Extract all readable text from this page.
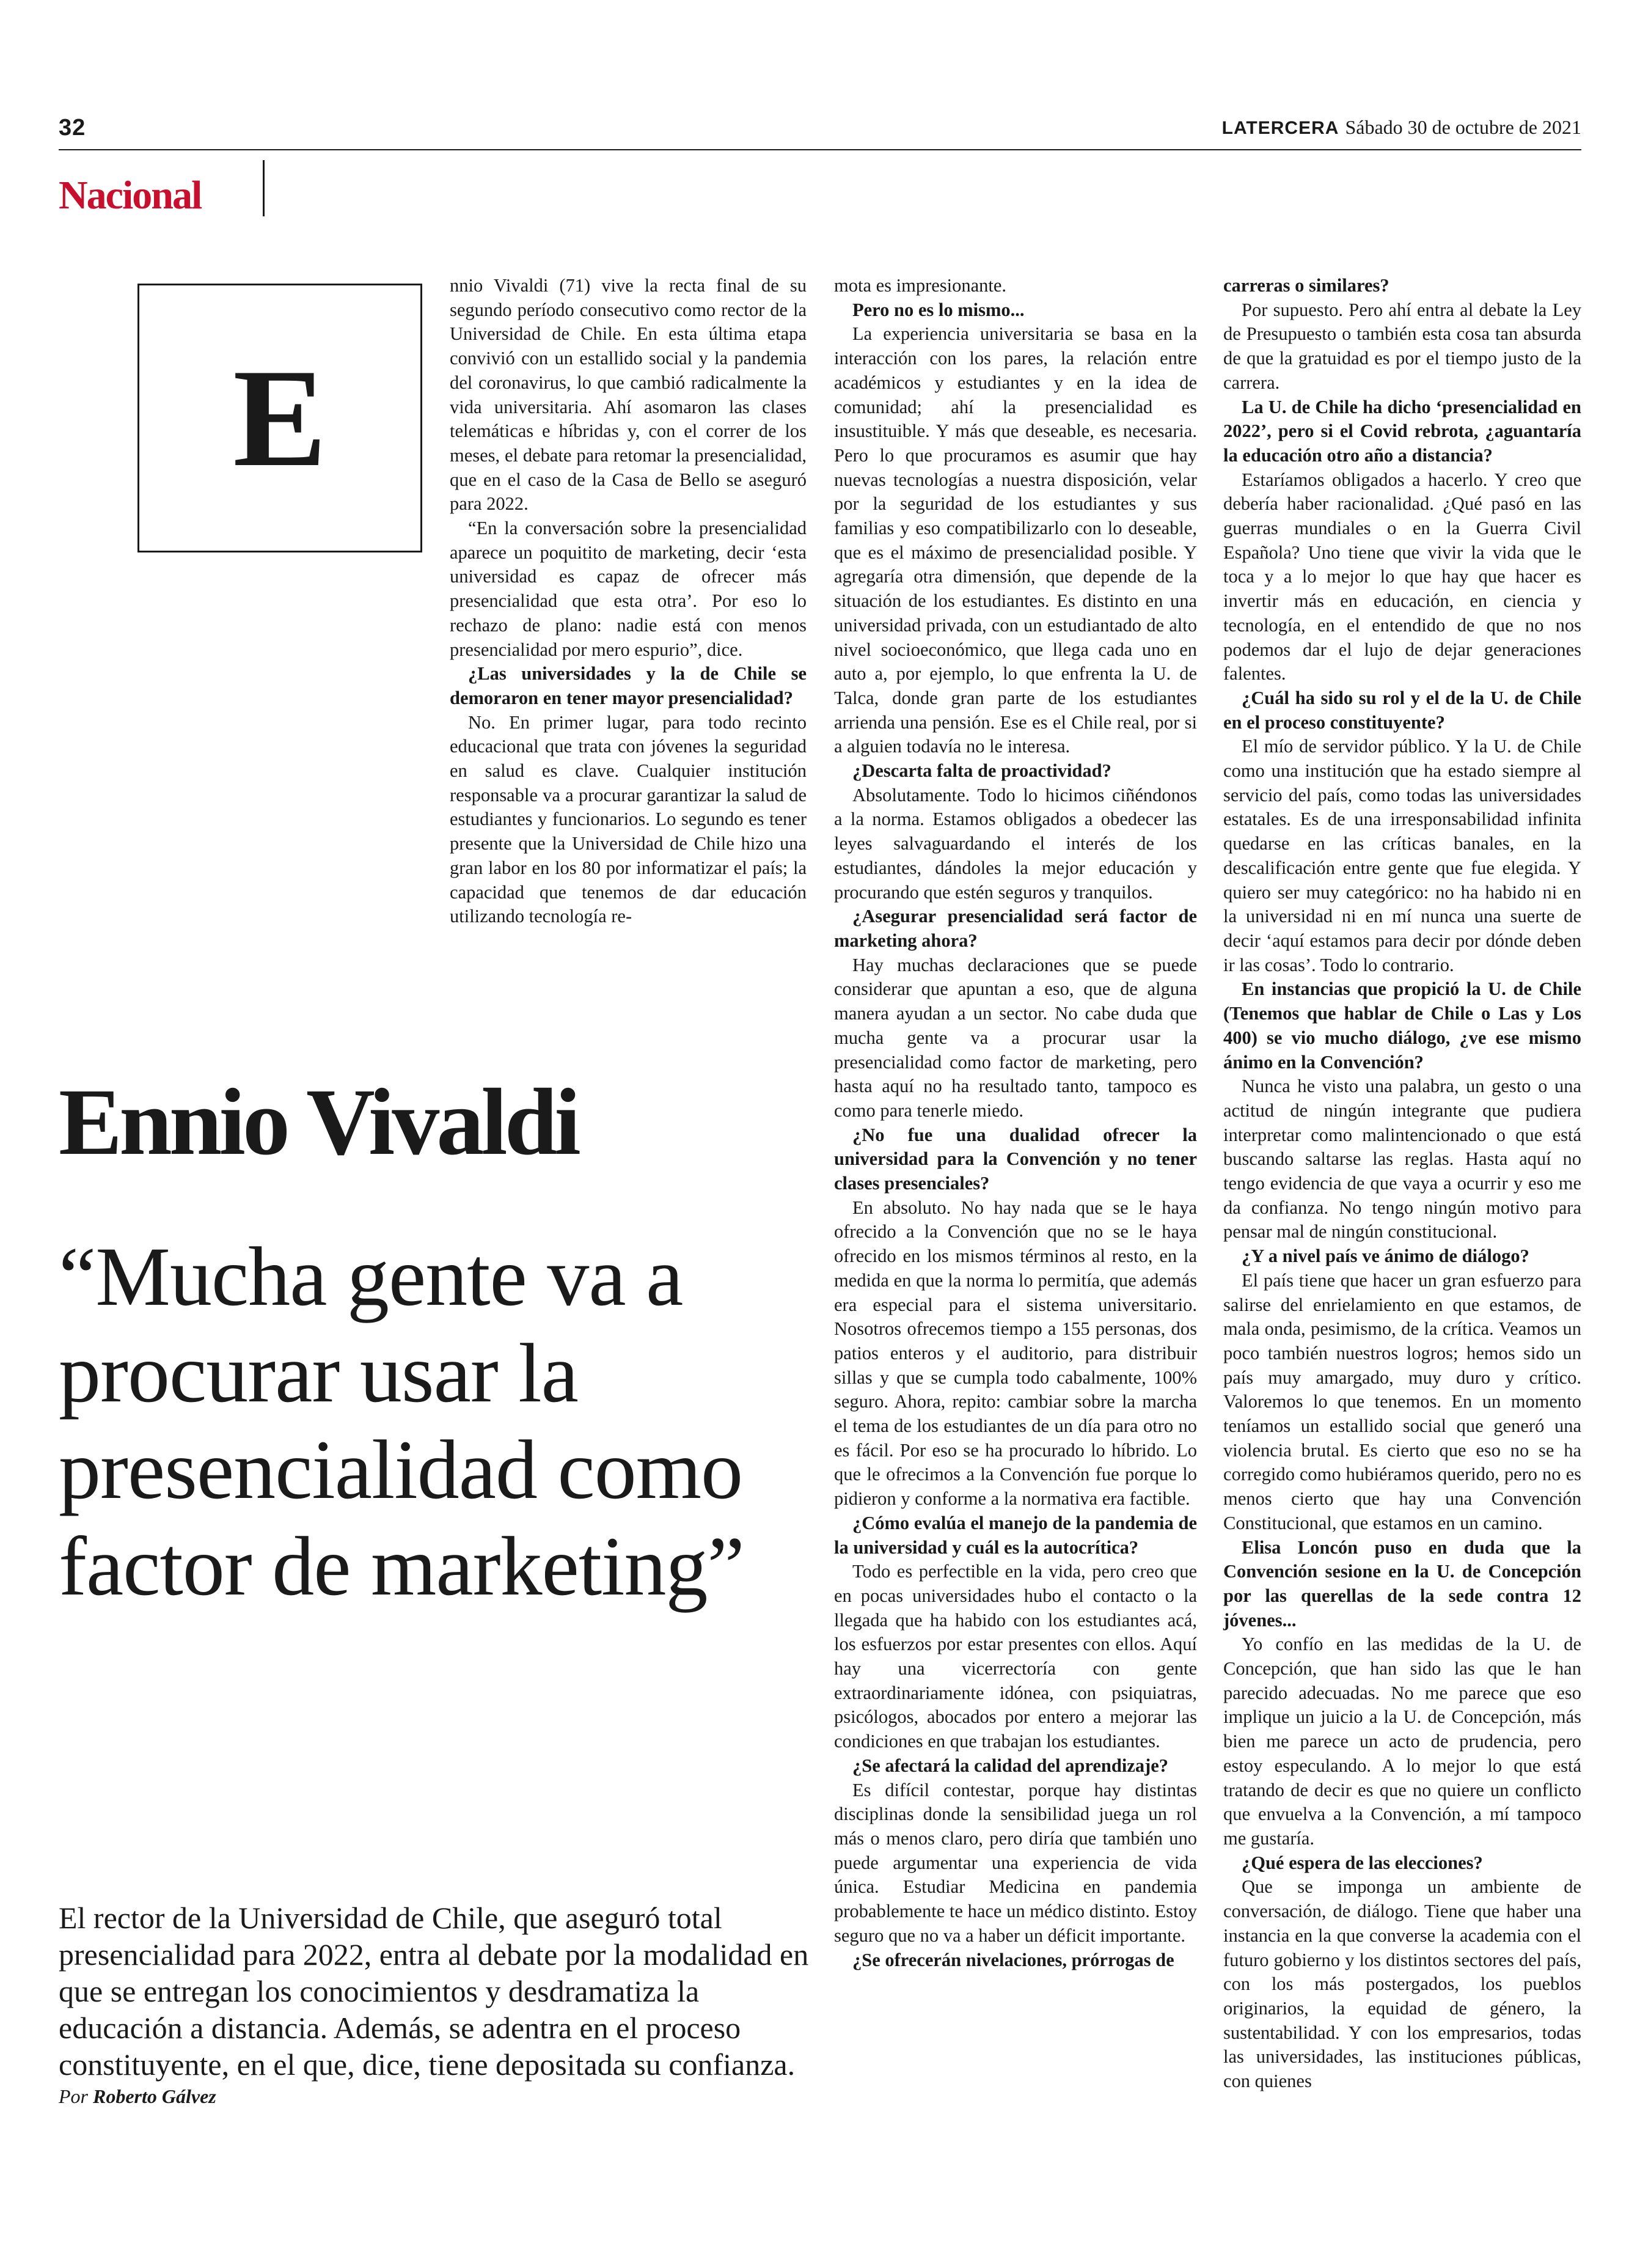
32	LATERCERA Sábado 30 de octubre de 2021
Nacional
E

nnio Vivaldi (71) vive la recta final de su segundo período consecutivo como rector de la Universidad de Chile. En esta última etapa convivió con un estallido social y la pandemia del coronavirus, lo que cambió radicalmente la vida universitaria. Ahí asomaron las clases telemáticas e híbridas y, con el correr de los meses, el debate para retomar la presencialidad, que en el caso de la Casa de Bello se aseguró para 2022.

“En la conversación sobre la presencialidad aparece un poquitito de marketing, decir ‘esta universidad es capaz de ofrecer más presencialidad que esta otra’. Por eso lo rechazo de plano: nadie está con menos presencialidad por mero espurio”, dice.

¿Las universidades y la de Chile se demoraron en tener mayor presencialidad?

No. En primer lugar, para todo recinto educacional que trata con jóvenes la seguridad en salud es clave. Cualquier institución responsable va a procurar garantizar la salud de estudiantes y funcionarios. Lo segundo es tener presente que la Universidad de Chile hizo una gran labor en los 80 por informatizar el país; la capacidad que tenemos de dar educación utilizando tecnología re-

mota es impresionante.

Pero no es lo mismo...

La experiencia universitaria se basa en la interacción con los pares, la relación entre académicos y estudiantes y en la idea de comunidad; ahí la presencialidad es insustituible. Y más que deseable, es necesaria. Pero lo que procuramos es asumir que hay nuevas tecnologías a nuestra disposición, velar por la seguridad de los estudiantes y sus familias y eso compatibilizarlo con lo deseable, que es el máximo de presencialidad posible. Y agregaría otra dimensión, que depende de la situación de los estudiantes. Es distinto en una universidad privada, con un estudiantado de alto nivel socioeconómico, que llega cada uno en auto a, por ejemplo, lo que enfrenta la U. de Talca, donde gran parte de los estudiantes arrienda una pensión. Ese es el Chile real, por si a alguien todavía no le interesa.

¿Descarta falta de proactividad?

Absolutamente. Todo lo hicimos ciñéndonos a la norma. Estamos obligados a obedecer las leyes salvaguardando el interés de los estudiantes, dándoles la mejor educación y procurando que estén seguros y tranquilos.

¿Asegurar presencialidad será factor de marketing ahora?

Hay muchas declaraciones que se puede considerar que apuntan a eso, que de alguna manera ayudan a un sector. No cabe duda que mucha gente va a procurar usar la presencialidad como factor de marketing, pero hasta aquí no ha resultado tanto, tampoco es como para tenerle miedo.

¿No fue una dualidad ofrecer la universidad para la Convención y no tener clases presenciales?

En absoluto. No hay nada que se le haya ofrecido a la Convención que no se le haya ofrecido en los mismos términos al resto, en la medida en que la norma lo permitía, que además era especial para el sistema universitario. Nosotros ofrecemos tiempo a 155 personas, dos patios enteros y el auditorio, para distribuir sillas y que se cumpla todo cabalmente, 100% seguro. Ahora, repito: cambiar sobre la marcha el tema de los estudiantes de un día para otro no es fácil. Por eso se ha procurado lo híbrido. Lo que le ofrecimos a la Convención fue porque lo pidieron y conforme a la normativa era factible.

¿Cómo evalúa el manejo de la pandemia de la universidad y cuál es la autocrítica?

Todo es perfectible en la vida, pero creo que en pocas universidades hubo el contacto o la llegada que ha habido con los estudiantes acá, los esfuerzos por estar presentes con ellos. Aquí hay una vicerrectoría con gente extraordinariamente idónea, con psiquiatras, psicólogos, abocados por entero a mejorar las condiciones en que trabajan los estudiantes.

¿Se afectará la calidad del aprendizaje?

Es difícil contestar, porque hay distintas disciplinas donde la sensibilidad juega un rol más o menos claro, pero diría que también uno puede argumentar una experiencia de vida única. Estudiar Medicina en pandemia probablemente te hace un médico distinto. Estoy seguro que no va a haber un déficit importante.

¿Se ofrecerán nivelaciones, prórrogas de

carreras o similares?

Por supuesto. Pero ahí entra al debate la Ley de Presupuesto o también esta cosa tan absurda de que la gratuidad es por el tiempo justo de la carrera.

La U. de Chile ha dicho ‘presencialidad en 2022’, pero si el Covid rebrota, ¿aguantaría la educación otro año a distancia?

Estaríamos obligados a hacerlo. Y creo que debería haber racionalidad. ¿Qué pasó en las guerras mundiales o en la Guerra Civil Española? Uno tiene que vivir la vida que le toca y a lo mejor lo que hay que hacer es invertir más en educación, en ciencia y tecnología, en el entendido de que no nos podemos dar el lujo de dejar generaciones falentes.

¿Cuál ha sido su rol y el de la U. de Chile en el proceso constituyente?

El mío de servidor público. Y la U. de Chile como una institución que ha estado siempre al servicio del país, como todas las universidades estatales. Es de una irresponsabilidad infinita quedarse en las críticas banales, en la descalificación entre gente que fue elegida. Y quiero ser muy categórico: no ha habido ni en la universidad ni en mí nunca una suerte de decir ‘aquí estamos para decir por dónde deben ir las cosas’. Todo lo contrario.

En instancias que propició la U. de Chile (Tenemos que hablar de Chile o Las y Los 400) se vio mucho diálogo, ¿ve ese mismo ánimo en la Convención?

Nunca he visto una palabra, un gesto o una actitud de ningún integrante que pudiera interpretar como malintencionado o que está buscando saltarse las reglas. Hasta aquí no tengo evidencia de que vaya a ocurrir y eso me da confianza. No tengo ningún motivo para pensar mal de ningún constitucional.

¿Y a nivel país ve ánimo de diálogo?

El país tiene que hacer un gran esfuerzo para salirse del enrielamiento en que estamos, de mala onda, pesimismo, de la crítica. Veamos un poco también nuestros logros; hemos sido un país muy amargado, muy duro y crítico. Valoremos lo que tenemos. En un momento teníamos un estallido social que generó una violencia brutal. Es cierto que eso no se ha corregido como hubiéramos querido, pero no es menos cierto que hay una Convención Constitucional, que estamos en un camino.

Elisa Loncón puso en duda que la Convención sesione en la U. de Concepción por las querellas de la sede contra 12 jóvenes...

Yo confío en las medidas de la U. de Concepción, que han sido las que le han parecido adecuadas. No me parece que eso implique un juicio a la U. de Concepción, más bien me parece un acto de prudencia, pero estoy especulando. A lo mejor lo que está tratando de decir es que no quiere un conflicto que envuelva a la Convención, a mí tampoco me gustaría.

¿Qué espera de las elecciones?

Que se imponga un ambiente de conversación, de diálogo. Tiene que haber una instancia en la que converse la academia con el futuro gobierno y los distintos sectores del país, con los más postergados, los pueblos originarios, la equidad de género, la sustentabilidad. Y con los empresarios, todas las universidades, las instituciones públicas, con quienes

Ennio Vivaldi
“Mucha gente va a procurar usar la presencialidad como factor de marketing”
El rector de la Universidad de Chile, que aseguró total presencialidad para 2022, entra al debate por la modalidad en que se entregan los conocimientos y desdramatiza la educación a distancia. Además, se adentra en el proceso constituyente, en el que, dice, tiene depositada su confianza.
Por Roberto Gálvez
